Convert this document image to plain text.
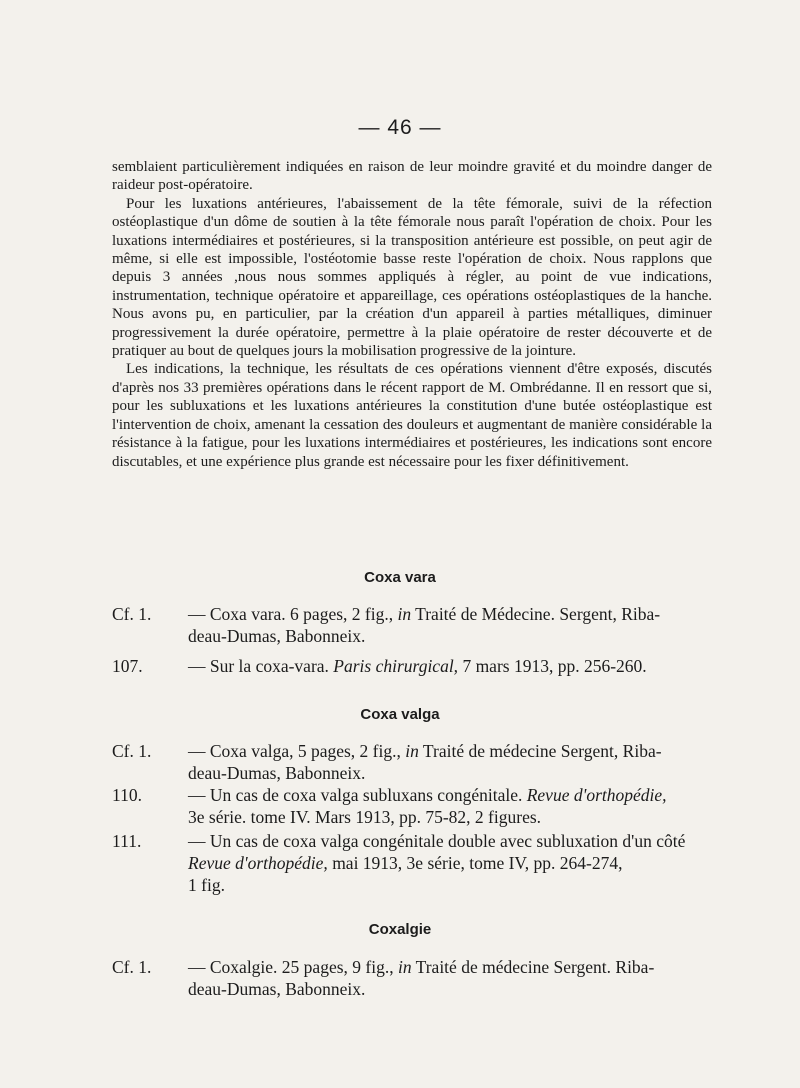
— 46 —

semblaient particulièrement indiquées en raison de leur moindre gravité et du moindre danger de raideur post-opératoire.

Pour les luxations antérieures, l'abaissement de la tête fémorale, suivi de la réfection ostéoplastique d'un dôme de soutien à la tête fémorale nous paraît l'opération de choix. Pour les luxations intermédiaires et postérieures, si la transposition antérieure est possible, on peut agir de même, si elle est impossible, l'ostéotomie basse reste l'opération de choix. Nous rapplons que depuis 3 années ,nous nous sommes appliqués à régler, au point de vue indications, instrumentation, technique opératoire et appareillage, ces opérations ostéoplastiques de la hanche. Nous avons pu, en particulier, par la création d'un appareil à parties métalliques, diminuer progressivement la durée opératoire, permettre à la plaie opératoire de rester découverte et de pratiquer au bout de quelques jours la mobilisation progressive de la jointure.

Les indications, la technique, les résultats de ces opérations viennent d'être exposés, discutés d'après nos 33 premières opérations dans le récent rapport de M. Ombrédanne. Il en ressort que si, pour les subluxations et les luxations antérieures la constitution d'une butée ostéoplastique est l'intervention de choix, amenant la cessation des douleurs et augmentant de manière considérable la résistance à la fatigue, pour les luxations intermédiaires et postérieures, les indications sont encore discutables, et une expérience plus grande est nécessaire pour les fixer définitivement.

Coxa vara
Cf. 1.	— Coxa vara. 6 pages, 2 fig., in Traité de Médecine. Sergent, Riba-
deau-Dumas, Babonneix.
107.	— Sur la coxa-vara. Paris chirurgical, 7 mars 1913, pp. 256-260.
Coxa valga
Cf. 1.	— Coxa valga, 5 pages, 2 fig., in Traité de médecine Sergent, Riba-
deau-Dumas, Babonneix.
110.	— Un cas de coxa valga subluxans congénitale. Revue d'orthopédie,
3e série. tome IV. Mars 1913, pp. 75-82, 2 figures.
111.	— Un cas de coxa valga congénitale double avec subluxation d'un côté
Revue d'orthopédie, mai 1913, 3e série, tome IV, pp. 264-274,
1 fig.
Coxalgie
Cf. 1.	— Coxalgie. 25 pages, 9 fig., in Traité de médecine Sergent. Riba-
deau-Dumas, Babonneix.
